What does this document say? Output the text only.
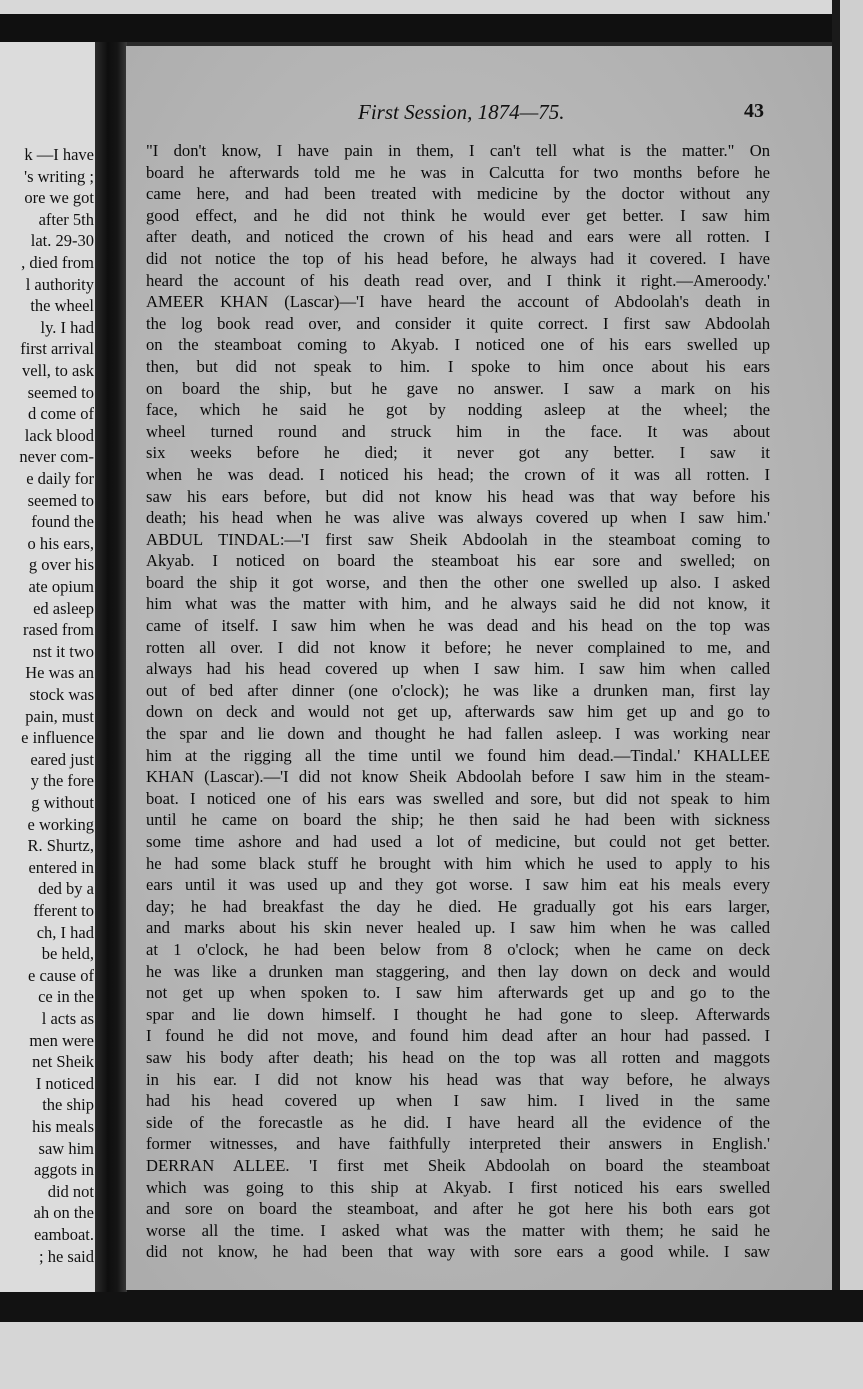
k —I have
's writing ;
ore we got
after 5th
lat. 29-30
, died from
l authority
the wheel
ly. I had
first arrival
vell, to ask
seemed to
d come of
lack blood
never com-
e daily for
seemed to
found the
o his ears,
g over his
ate opium
ed asleep
rased from
nst it two
He was an
stock was
pain, must
e influence
eared just
y the fore
g without
e working
R. Shurtz,
entered in
ded by a
fferent to
ch, I had
be held,
e cause of
ce in the
l acts as
men were
net Sheik
I noticed
the ship
his meals
saw him
aggots in
did not
ah on the
eamboat.
; he said
First Session, 1874—75.	43
"I don't know, I have pain in them, I can't tell what is the matter." On
board he afterwards told me he was in Calcutta for two months before he
came here, and had been treated with medicine by the doctor without any
good effect, and he did not think he would ever get better. I saw him
after death, and noticed the crown of his head and ears were all rotten. I
did not notice the top of his head before, he always had it covered. I have
heard the account of his death read over, and I think it right.—Ameroody.'
AMEER KHAN (Lascar)—'I have heard the account of Abdoolah's death in
the log book read over, and consider it quite correct. I first saw Abdoolah
on the steamboat coming to Akyab. I noticed one of his ears swelled up
then, but did not speak to him. I spoke to him once about his ears
on board the ship, but he gave no answer. I saw a mark on his
face, which he said he got by nodding asleep at the wheel; the
wheel turned round and struck him in the face. It was about
six weeks before he died; it never got any better. I saw it
when he was dead. I noticed his head; the crown of it was all rotten. I
saw his ears before, but did not know his head was that way before his
death; his head when he was alive was always covered up when I saw him.'
ABDUL TINDAL:—'I first saw Sheik Abdoolah in the steamboat coming to
Akyab. I noticed on board the steamboat his ear sore and swelled; on
board the ship it got worse, and then the other one swelled up also. I asked
him what was the matter with him, and he always said he did not know, it
came of itself. I saw him when he was dead and his head on the top was
rotten all over. I did not know it before; he never complained to me, and
always had his head covered up when I saw him. I saw him when called
out of bed after dinner (one o'clock); he was like a drunken man, first lay
down on deck and would not get up, afterwards saw him get up and go to
the spar and lie down and thought he had fallen asleep. I was working near
him at the rigging all the time until we found him dead.—Tindal.' KHALLEE
KHAN (Lascar).—'I did not know Sheik Abdoolah before I saw him in the steam-
boat. I noticed one of his ears was swelled and sore, but did not speak to him
until he came on board the ship; he then said he had been with sickness
some time ashore and had used a lot of medicine, but could not get better.
he had some black stuff he brought with him which he used to apply to his
ears until it was used up and they got worse. I saw him eat his meals every
day; he had breakfast the day he died. He gradually got his ears larger,
and marks about his skin never healed up. I saw him when he was called
at 1 o'clock, he had been below from 8 o'clock; when he came on deck
he was like a drunken man staggering, and then lay down on deck and would
not get up when spoken to. I saw him afterwards get up and go to the
spar and lie down himself. I thought he had gone to sleep. Afterwards
I found he did not move, and found him dead after an hour had passed. I
saw his body after death; his head on the top was all rotten and maggots
in his ear. I did not know his head was that way before, he always
had his head covered up when I saw him. I lived in the same
side of the forecastle as he did. I have heard all the evidence of the
former witnesses, and have faithfully interpreted their answers in English.'
DERRAN ALLEE. 'I first met Sheik Abdoolah on board the steamboat
which was going to this ship at Akyab. I first noticed his ears swelled
and sore on board the steamboat, and after he got here his both ears got
worse all the time. I asked what was the matter with them; he said he
did not know, he had been that way with sore ears a good while. I saw
